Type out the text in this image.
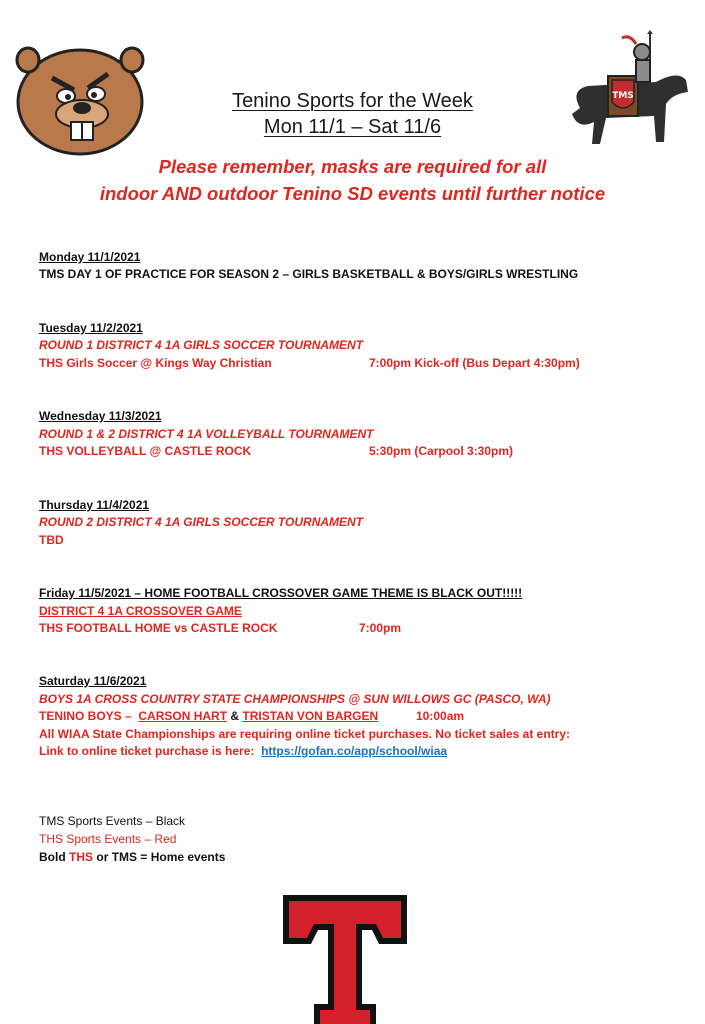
TMS
Tenino Sports for the Week
Mon 11/1 – Sat 11/6
Please remember, masks are required for all
indoor AND outdoor Tenino SD events until further notice
Monday 11/1/2021
TMS DAY 1 OF PRACTICE FOR SEASON 2 – GIRLS BASKETBALL & BOYS/GIRLS WRESTLING
Tuesday 11/2/2021
ROUND 1 DISTRICT 4 1A GIRLS SOCCER TOURNAMENT
THS Girls Soccer @ Kings Way Christian	7:00pm Kick-off (Bus Depart 4:30pm)
Wednesday 11/3/2021
ROUND 1 & 2 DISTRICT 4 1A VOLLEYBALL TOURNAMENT
THS VOLLEYBALL @ CASTLE ROCK	5:30pm (Carpool 3:30pm)
Thursday 11/4/2021
ROUND 2 DISTRICT 4 1A GIRLS SOCCER TOURNAMENT
TBD
Friday 11/5/2021 – HOME FOOTBALL CROSSOVER GAME THEME IS BLACK OUT!!!!!
DISTRICT 4 1A CROSSOVER GAME
THS FOOTBALL HOME vs CASTLE ROCK	7:00pm
Saturday 11/6/2021
BOYS 1A CROSS COUNTRY STATE CHAMPIONSHIPS @ SUN WILLOWS GC (PASCO, WA)
TENINO BOYS – CARSON HART & TRISTAN VON BARGEN	10:00am
All WIAA State Championships are requiring online ticket purchases. No ticket sales at entry:
Link to online ticket purchase is here: https://gofan.co/app/school/wiaa
TMS Sports Events – Black
THS Sports Events – Red
Bold THS or TMS = Home events
